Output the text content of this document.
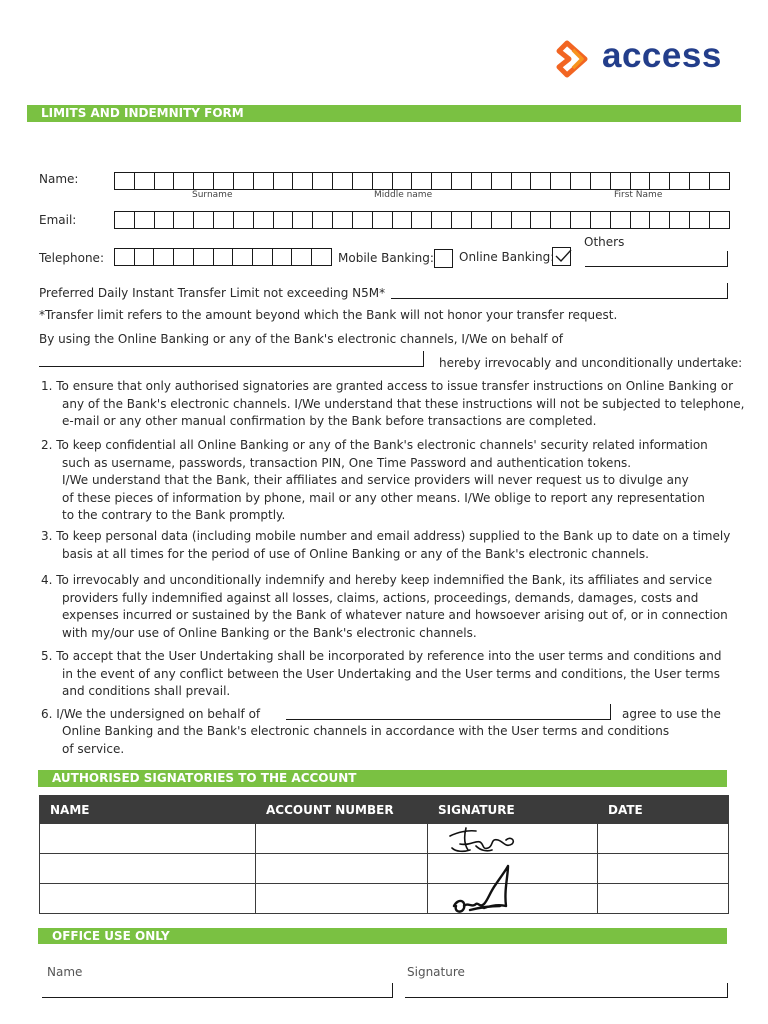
access
LIMITS AND INDEMNITY FORM
Name:
Surname	Middle name	First Name
Email:
Telephone:	Mobile Banking: Online Banking:
Others
Preferred Daily Instant Transfer Limit not exceeding N5M*
*Transfer limit refers to the amount beyond which the Bank will not honor your transfer request.
By using the Online Banking or any of the Bank's electronic channels, I/We on behalf of
hereby irrevocably and unconditionally undertake:
1. To ensure that only authorised signatories are granted access to issue transfer instructions on Online Banking or
any of the Bank's electronic channels. I/We understand that these instructions will not be subjected to telephone,
e-mail or any other manual confirmation by the Bank before transactions are completed.
2. To keep confidential all Online Banking or any of the Bank's electronic channels' security related information
such as username, passwords, transaction PIN, One Time Password and authentication tokens.
I/We understand that the Bank, their affiliates and service providers will never request us to divulge any
of these pieces of information by phone, mail or any other means. I/We oblige to report any representation
to the contrary to the Bank promptly.
3. To keep personal data (including mobile number and email address) supplied to the Bank up to date on a timely
basis at all times for the period of use of Online Banking or any of the Bank's electronic channels.
4. To irrevocably and unconditionally indemnify and hereby keep indemnified the Bank, its affiliates and service
providers fully indemnified against all losses, claims, actions, proceedings, demands, damages, costs and
expenses incurred or sustained by the Bank of whatever nature and howsoever arising out of, or in connection
with my/our use of Online Banking or the Bank's electronic channels.
5. To accept that the User Undertaking shall be incorporated by reference into the user terms and conditions and
in the event of any conflict between the User Undertaking and the User terms and conditions, the User terms
and conditions shall prevail.
6. I/We the undersigned on behalf of	agree to use the
Online Banking and the Bank's electronic channels in accordance with the User terms and conditions
of service.
AUTHORISED SIGNATORIES TO THE ACCOUNT
NAME	ACCOUNT NUMBER	SIGNATURE	DATE

OFFICE USE ONLY
Name	Signature
